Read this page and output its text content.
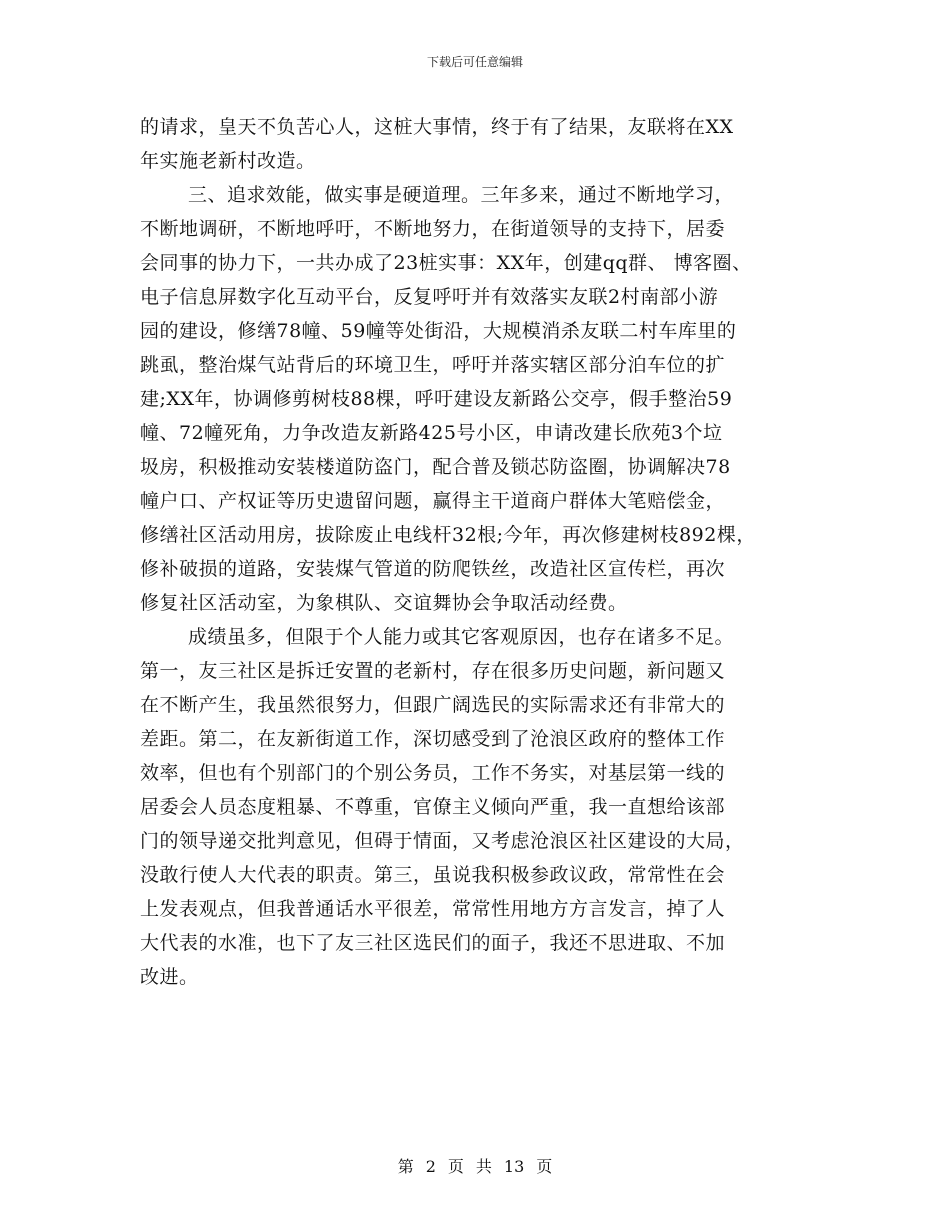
下载后可任意编辑
的请求，皇天不负苦心人，这桩大事情，终于有了结果，友联将在XX
年实施老新村改造。
三、追求效能，做实事是硬道理。三年多来，通过不断地学习，
不断地调研，不断地呼吁，不断地努力，在街道领导的支持下，居委
会同事的协力下，一共办成了23桩实事：XX年，创建qq群、 博客圈、
电子信息屏数字化互动平台，反复呼吁并有效落实友联2村南部小游
园的建设，修缮78幢、59幢等处街沿，大规模消杀友联二村车库里的
跳虱，整治煤气站背后的环境卫生，呼吁并落实辖区部分泊车位的扩
建;XX年，协调修剪树枝88棵，呼吁建设友新路公交亭，假手整治59
幢、72幢死角，力争改造友新路425号小区，申请改建长欣苑3个垃
圾房，积极推动安装楼道防盗门，配合普及锁芯防盗圈，协调解决78
幢户口、产权证等历史遗留问题，赢得主干道商户群体大笔赔偿金，
修缮社区活动用房，拔除废止电线杆32根;今年，再次修建树枝892棵，
修补破损的道路，安装煤气管道的防爬铁丝，改造社区宣传栏，再次
修复社区活动室，为象棋队、交谊舞协会争取活动经费。
成绩虽多，但限于个人能力或其它客观原因，也存在诸多不足。
第一，友三社区是拆迁安置的老新村，存在很多历史问题，新问题又
在不断产生，我虽然很努力，但跟广阔选民的实际需求还有非常大的
差距。第二，在友新街道工作，深切感受到了沧浪区政府的整体工作
效率，但也有个别部门的个别公务员，工作不务实，对基层第一线的
居委会人员态度粗暴、不尊重，官僚主义倾向严重，我一直想给该部
门的领导递交批判意见，但碍于情面，又考虑沧浪区社区建设的大局，
没敢行使人大代表的职责。第三，虽说我积极参政议政，常常性在会
上发表观点，但我普通话水平很差，常常性用地方方言发言，掉了人
大代表的水准，也下了友三社区选民们的面子，我还不思进取、不加
改进。
第 2 页 共 13 页
